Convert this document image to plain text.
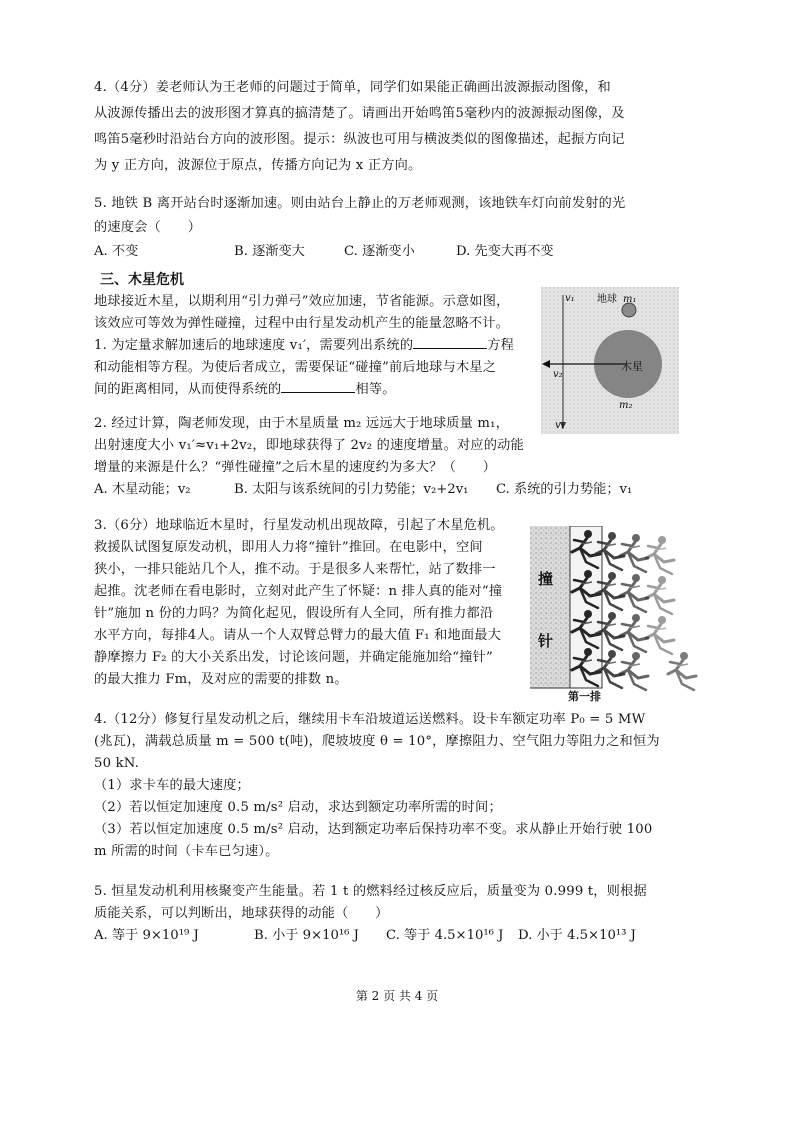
4.（4分）姜老师认为王老师的问题过于简单，同学们如果能正确画出波源振动图像，和
从波源传播出去的波形图才算真的搞清楚了。请画出开始鸣笛5毫秒内的波源振动图像，及
鸣笛5毫秒时沿站台方向的波形图。提示：纵波也可用与横波类似的图像描述，起振方向记
为 y 正方向，波源位于原点，传播方向记为 x 正方向。
5. 地铁 B 离开站台时逐渐加速。则由站台上静止的万老师观测，该地铁车灯向前发射的光
的速度会（　　）
A. 不变	B. 逐渐变大	C. 逐渐变小	D. 先变大再不变
三、木星危机
地球接近木星，以期利用“引力弹弓”效应加速，节省能源。示意如图，
该效应可等效为弹性碰撞，过程中由行星发动机产生的能量忽略不计。
1. 为定量求解加速后的地球速度 v₁′，需要列出系统的	方程
和动能相等方程。为使后者成立，需要保证“碰撞”前后地球与木星之
间的距离相同，从而使得系统的	相等。
2. 经过计算，陶老师发现，由于木星质量 m₂ 远远大于地球质量 m₁，
出射速度大小 v₁′≈v₁+2v₂，即地球获得了 2v₂ 的速度增量。对应的动能
增量的来源是什么？“弹性碰撞”之后木星的速度约为多大？（　　）
A. 木星动能；v₂	B. 太阳与该系统间的引力势能；v₂+2v₁ C. 系统的引力势能；v₁
木星
地球 m₁
v₁
v₁
v₂
m₂
3.（6分）地球临近木星时，行星发动机出现故障，引起了木星危机。
救援队试图复原发动机，即用人力将“撞针”推回。在电影中，空间
狭小，一排只能站几个人，推不动。于是很多人来帮忙，站了数排一
起推。沈老师在看电影时，立刻对此产生了怀疑：n 排人真的能对“撞
针”施加 n 份的力吗？为简化起见，假设所有人全同，所有推力都沿
水平方向，每排4人。请从一个人双臂总臂力的最大值 F₁ 和地面最大
静摩擦力 F₂ 的大小关系出发，讨论该问题，并确定能施加给“撞针”
的最大推力 Fm，及对应的需要的排数 n。
撞
针
第一排
4.（12分）修复行星发动机之后，继续用卡车沿坡道运送燃料。设卡车额定功率 P₀ = 5 MW
(兆瓦)，满载总质量 m = 500 t(吨)，爬坡坡度 θ = 10°，摩擦阻力、空气阻力等阻力之和恒为
50 kN.
（1）求卡车的最大速度；
（2）若以恒定加速度 0.5 m/s² 启动，求达到额定功率所需的时间；
（3）若以恒定加速度 0.5 m/s² 启动，达到额定功率后保持功率不变。求从静止开始行驶 100
m 所需的时间（卡车已匀速）。
5. 恒星发动机利用核聚变产生能量。若 1 t 的燃料经过核反应后，质量变为 0.999 t，则根据
质能关系，可以判断出，地球获得的动能（　　）
A. 等于 9×10¹⁹ J	B. 小于 9×10¹⁶ J C. 等于 4.5×10¹⁶ J D. 小于 4.5×10¹³ J
第 2 页 共 4 页
